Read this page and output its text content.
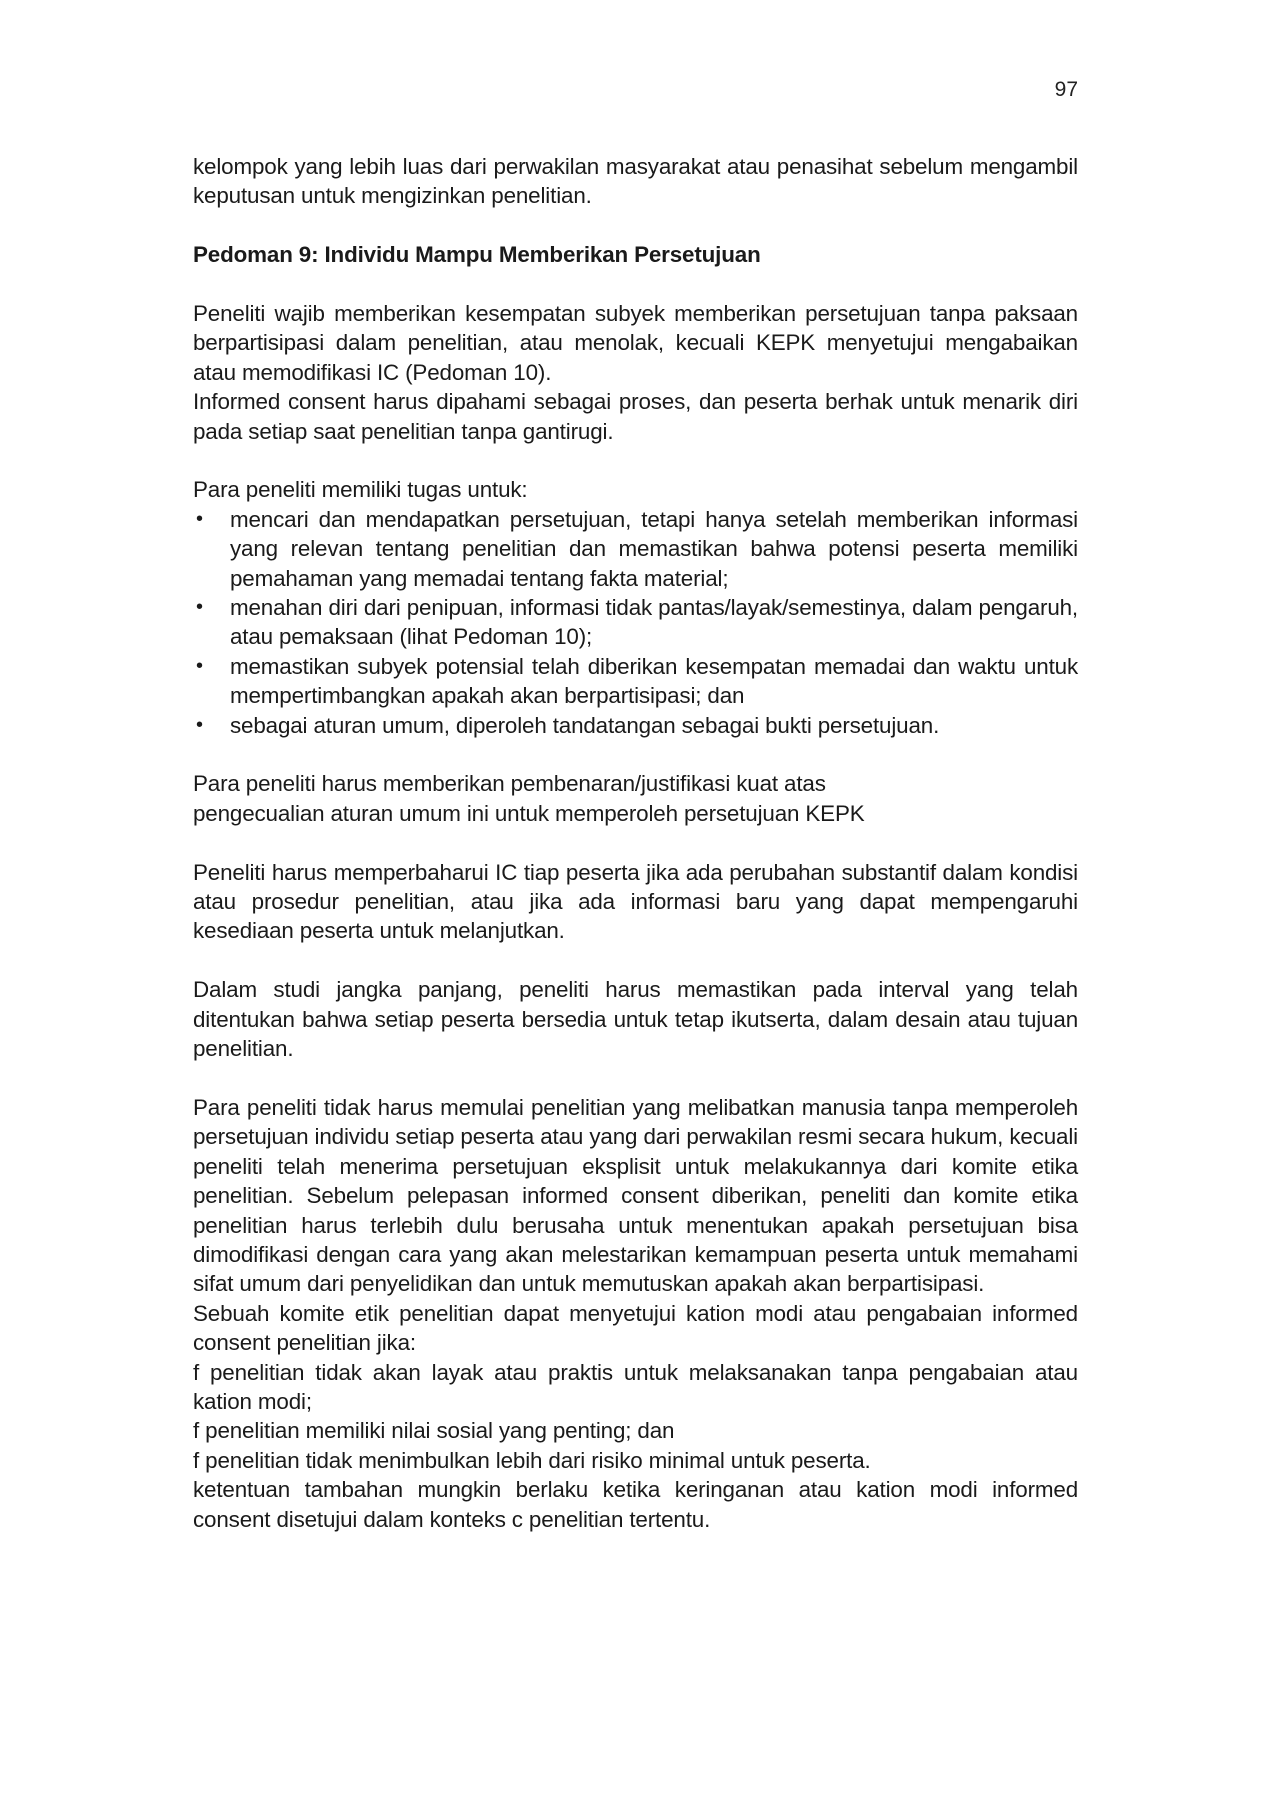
97

kelompok yang lebih luas dari perwakilan masyarakat atau penasihat sebelum mengambil keputusan untuk mengizinkan penelitian.

Pedoman 9: Individu Mampu Memberikan Persetujuan

Peneliti wajib memberikan kesempatan subyek memberikan persetujuan tanpa paksaan berpartisipasi dalam penelitian, atau menolak, kecuali KEPK menyetujui mengabaikan atau memodifikasi IC (Pedoman 10).

Informed consent harus dipahami sebagai proses, dan peserta berhak untuk menarik diri pada setiap saat penelitian tanpa gantirugi.

Para peneliti memiliki tugas untuk:

• mencari dan mendapatkan persetujuan, tetapi hanya setelah memberikan informasi yang relevan tentang penelitian dan memastikan bahwa potensi peserta memiliki pemahaman yang memadai tentang fakta material;
• menahan diri dari penipuan, informasi tidak pantas/layak/semestinya, dalam pengaruh, atau pemaksaan (lihat Pedoman 10);
• memastikan subyek potensial telah diberikan kesempatan memadai dan waktu untuk mempertimbangkan apakah akan berpartisipasi; dan
• sebagai aturan umum, diperoleh tandatangan sebagai bukti persetujuan.

Para peneliti harus memberikan pembenaran/justifikasi kuat atas

pengecualian aturan umum ini untuk memperoleh persetujuan KEPK

Peneliti harus memperbaharui IC tiap peserta jika ada perubahan substantif dalam kondisi atau prosedur penelitian, atau jika ada informasi baru yang dapat mempengaruhi kesediaan peserta untuk melanjutkan.

Dalam studi jangka panjang, peneliti harus memastikan pada interval yang telah ditentukan bahwa setiap peserta bersedia untuk tetap ikutserta, dalam desain atau tujuan penelitian.

Para peneliti tidak harus memulai penelitian yang melibatkan manusia tanpa memperoleh persetujuan individu setiap peserta atau yang dari perwakilan resmi secara hukum, kecuali peneliti telah menerima persetujuan eksplisit untuk melakukannya dari komite etika penelitian. Sebelum pelepasan informed consent diberikan, peneliti dan komite etika penelitian harus terlebih dulu berusaha untuk menentukan apakah persetujuan bisa dimodifikasi dengan cara yang akan melestarikan kemampuan peserta untuk memahami sifat umum dari penyelidikan dan untuk memutuskan apakah akan berpartisipasi.

Sebuah komite etik penelitian dapat menyetujui kation modi atau pengabaian informed consent penelitian jika:

f penelitian tidak akan layak atau praktis untuk melaksanakan tanpa pengabaian atau kation modi;

f penelitian memiliki nilai sosial yang penting; dan

f penelitian tidak menimbulkan lebih dari risiko minimal untuk peserta.

ketentuan tambahan mungkin berlaku ketika keringanan atau kation modi informed consent disetujui dalam konteks c penelitian tertentu.
